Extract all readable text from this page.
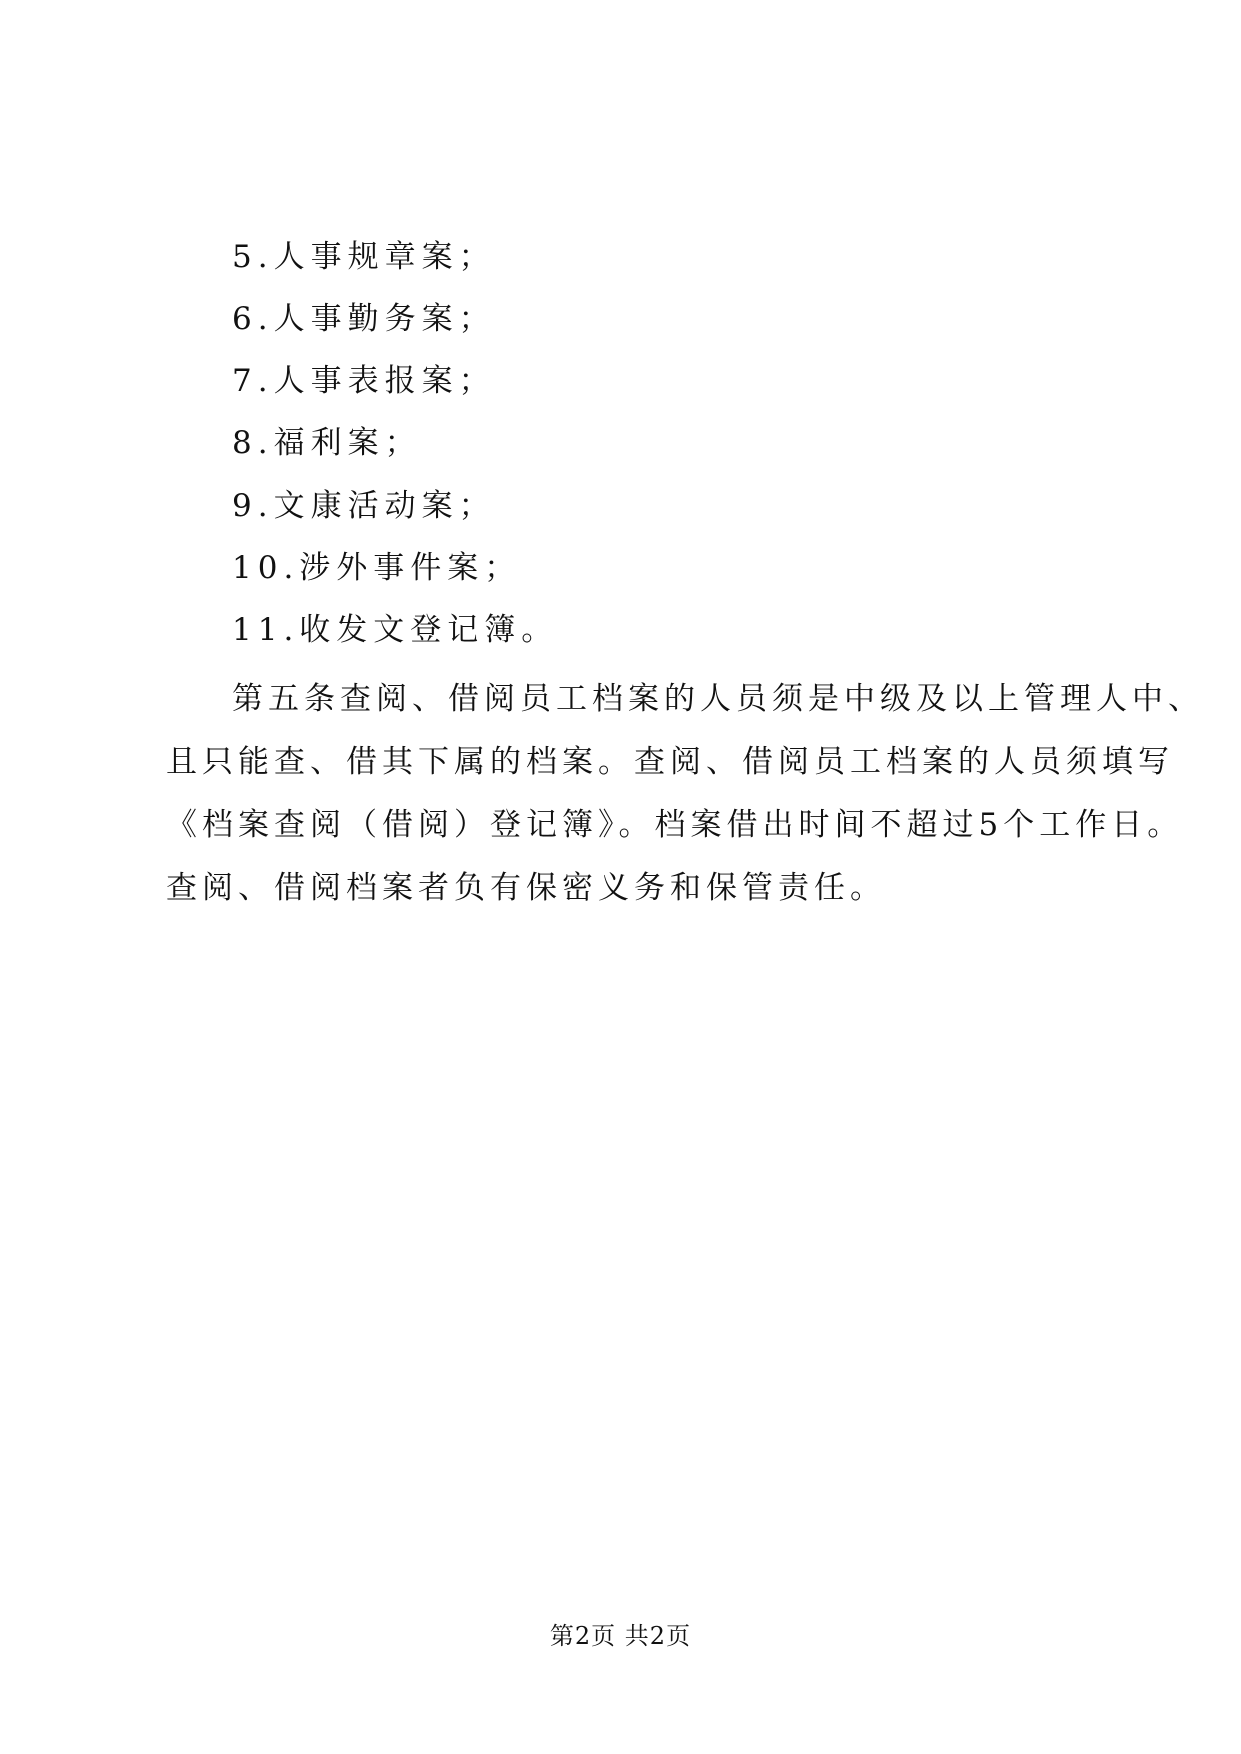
5.人事规章案；
6.人事勤务案；
7.人事表报案；
8.福利案；
9.文康活动案；
10.涉外事件案；
11.收发文登记簿。
第五条查阅、借阅员工档案的人员须是中级及以上管理人中、
且只能查、借其下属的档案。查阅、借阅员工档案的人员须填写
《档案查阅（借阅）登记簿》。档案借出时间不超过5个工作日。
查阅、借阅档案者负有保密义务和保管责任。
第2页 共2页
